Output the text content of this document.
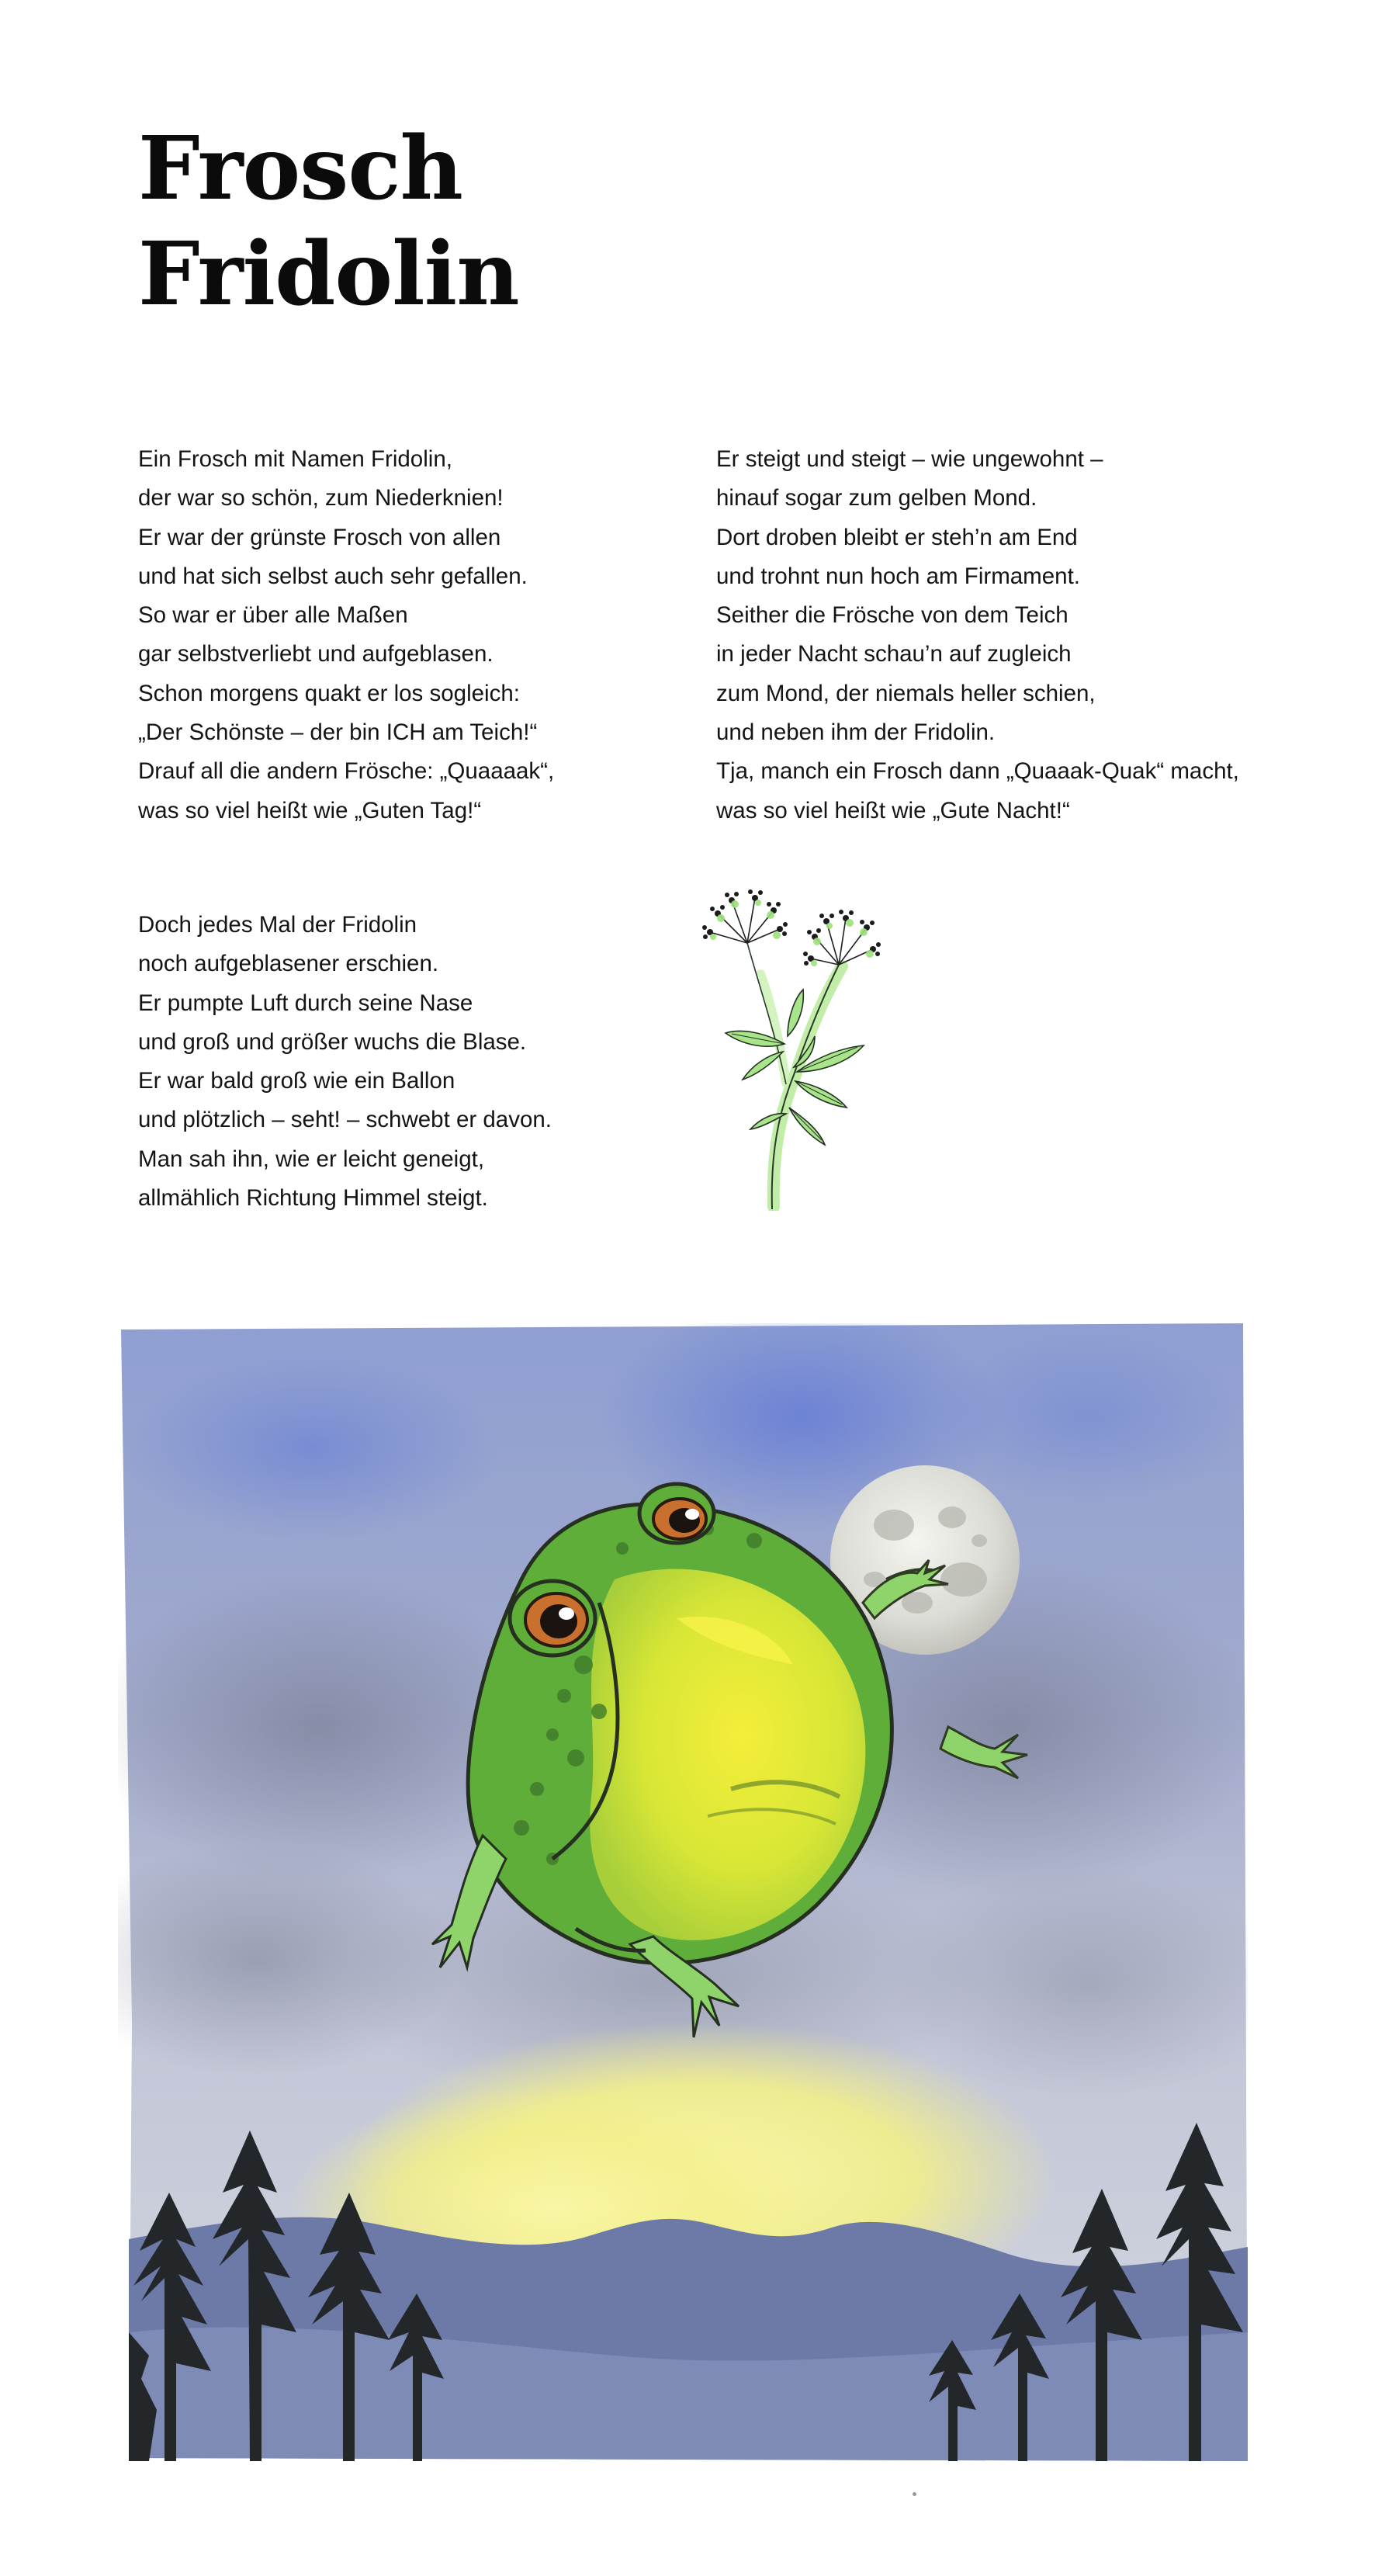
Frosch
Fridolin
Ein Frosch mit Namen Fridolin,
der war so schön, zum Niederknien!
Er war der grünste Frosch von allen
und hat sich selbst auch sehr gefallen.
So war er über alle Maßen
gar selbstverliebt und aufgeblasen.
Schon morgens quakt er los sogleich:
„Der Schönste – der bin ICH am Teich!“
Drauf all die andern Frösche: „Quaaaak“,
was so viel heißt wie „Guten Tag!“
Er steigt und steigt – wie ungewohnt –
hinauf sogar zum gelben Mond.
Dort droben bleibt er steh’n am End
und trohnt nun hoch am Firmament.
Seither die Frösche von dem Teich
in jeder Nacht schau’n auf zugleich
zum Mond, der niemals heller schien,
und neben ihm der Fridolin.
Tja, manch ein Frosch dann „Quaaak-Quak“ macht,
was so viel heißt wie „Gute Nacht!“
Doch jedes Mal der Fridolin
noch aufgeblasener erschien.
Er pumpte Luft durch seine Nase
und groß und größer wuchs die Blase.
Er war bald groß wie ein Ballon
und plötzlich – seht! – schwebt er davon.
Man sah ihn, wie er leicht geneigt,
allmählich Richtung Himmel steigt.
